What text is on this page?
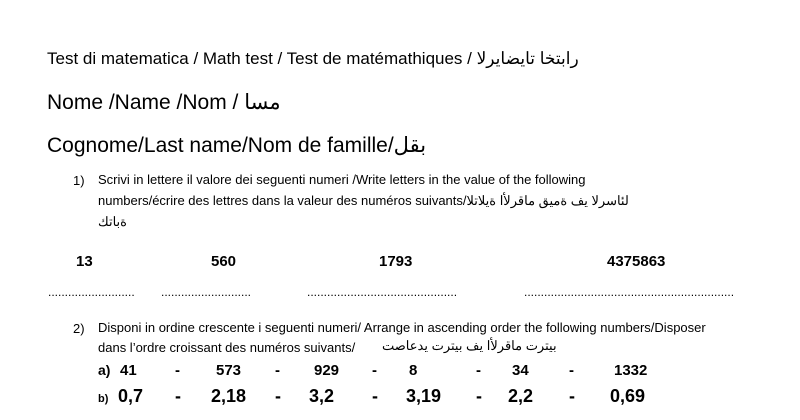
Test di matematica / Math test / Test de matémathiques / رابتخا تايضايرلا
Nome /Name /Nom / مسا
Cognome/Last name/Nom de famille/بقل
1) Scrivi in lettere il valore dei seguenti numeri /Write letters in the value of the following
numbers/écrire des lettres dans la valeur des numéros suivants/لئاسرلا يف ةميق ماقرلأا ةيلاتلا
ةباتك
13	560	1793	4375863
.......................... ...........................	.............................................	...............................................................
2) Disponi in ordine crescente i seguenti numeri/ Arrange in ascending order the following numbers/Disposer
dans l’ordre croissant des numéros suivants/ بيترت ماقرلأا يف بيترت يدعاصت
a) 41	- 573 - 929 - 8	- 34	-	1332
b) 0,7 - 2,18 - 3,2 - 3,19 - 2,2 - 0,69
